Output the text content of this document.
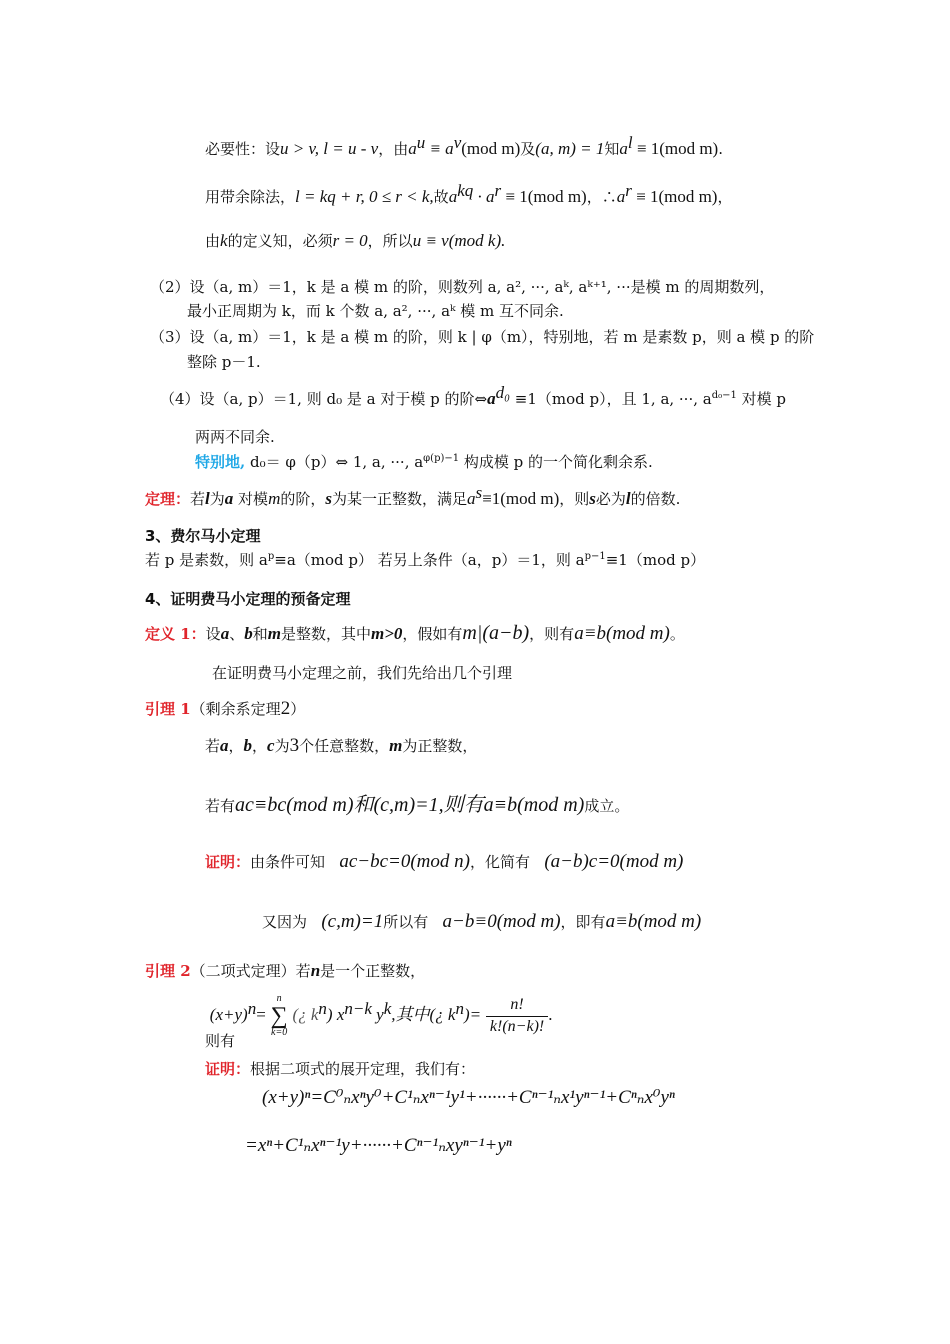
必要性：设u > v, l = u - v，由$a^u \equiv a^v(mod$ m)及(a, m) = 1知$a^l \equiv 1(mod$ m).
用带余除法，l = kq + r, 0 ≤ r < k,故$a^{kq} \cdot a^r \equiv 1(mod$ m)，$\therefore a^r \equiv 1(mod$ m)，
由k的定义知，必须r = 0，所以u ≡ v(mod k).
（2）设（a, m）＝1，k 是 a 模 m 的阶，则数列 a, a², ···, aᵏ, aᵏ⁺¹, ···是模 m 的周期数列，
最小正周期为 k，而 k 个数 a, a², ···, aᵏ 模 m 互不同余.
（3）设（a, m）＝1，k 是 a 模 m 的阶，则 k | φ（m），特别地，若 m 是素数 p，则 a 模 p 的阶
整除 p－1.
（4）设（a, p）＝1, 则 d₀ 是 a 对于模 p 的阶$\Leftrightarrow a^{d_0} \equiv 1(mod$ p），且 1, a, ···, $a^{d_0-1}$ 对模 p
两两不同余.
特别地, d₀＝ φ（p）⇔ 1, a, ···, $a^{\varphi(p)-1}$ 构成模 p 的一个简化剩余系.
定理：若l为a 对模m的阶，s为某一正整数，满足$a^s\equiv 1(mod$ m)，则s必为l的倍数.
3、费尔马小定理
若 p 是素数，则 $a^p\equiv a(mod$ p） 若另上条件（a，p）＝1，则 $a^{p-1}\equiv 1(mod$ p）
4、证明费马小定理的预备定理
定义 1：设a、b和m是整数，其中m>0，假如有m|(a−b)，则有a≡b(mod m)。
在证明费马小定理之前，我们先给出几个引理
引理 1（剩余系定理2）
若a，b，c为3个任意整数，m为正整数，
若有ac≡bc(mod m)和(c,m)=1,则有a≡b(mod m)成立。
证明：由条件可知 ac−bc=0(mod n)，化简有 (a−b)c=0(mod m)
又因为 (c,m)=1所以有 a−b≡0(mod m)，即有a≡b(mod m)
引理 2（二项式定理）若n是一个正整数，
则有 $(x+y)^n=$
n
∑
k=0
(¿ $k^n$) $x^{n-k}$ $y^k$,其中(¿ $k^n)= \frac{n!}{k!(n-k)!}$ .
证明：根据二项式的展开定理，我们有：
(x+y)ⁿ=C⁰ₙxⁿy⁰+C¹ₙxⁿ⁻¹y¹+······+Cⁿ⁻¹ₙx¹yⁿ⁻¹+Cⁿₙx⁰yⁿ
=xⁿ+C¹ₙxⁿ⁻¹y+······+Cⁿ⁻¹ₙxyⁿ⁻¹+yⁿ
